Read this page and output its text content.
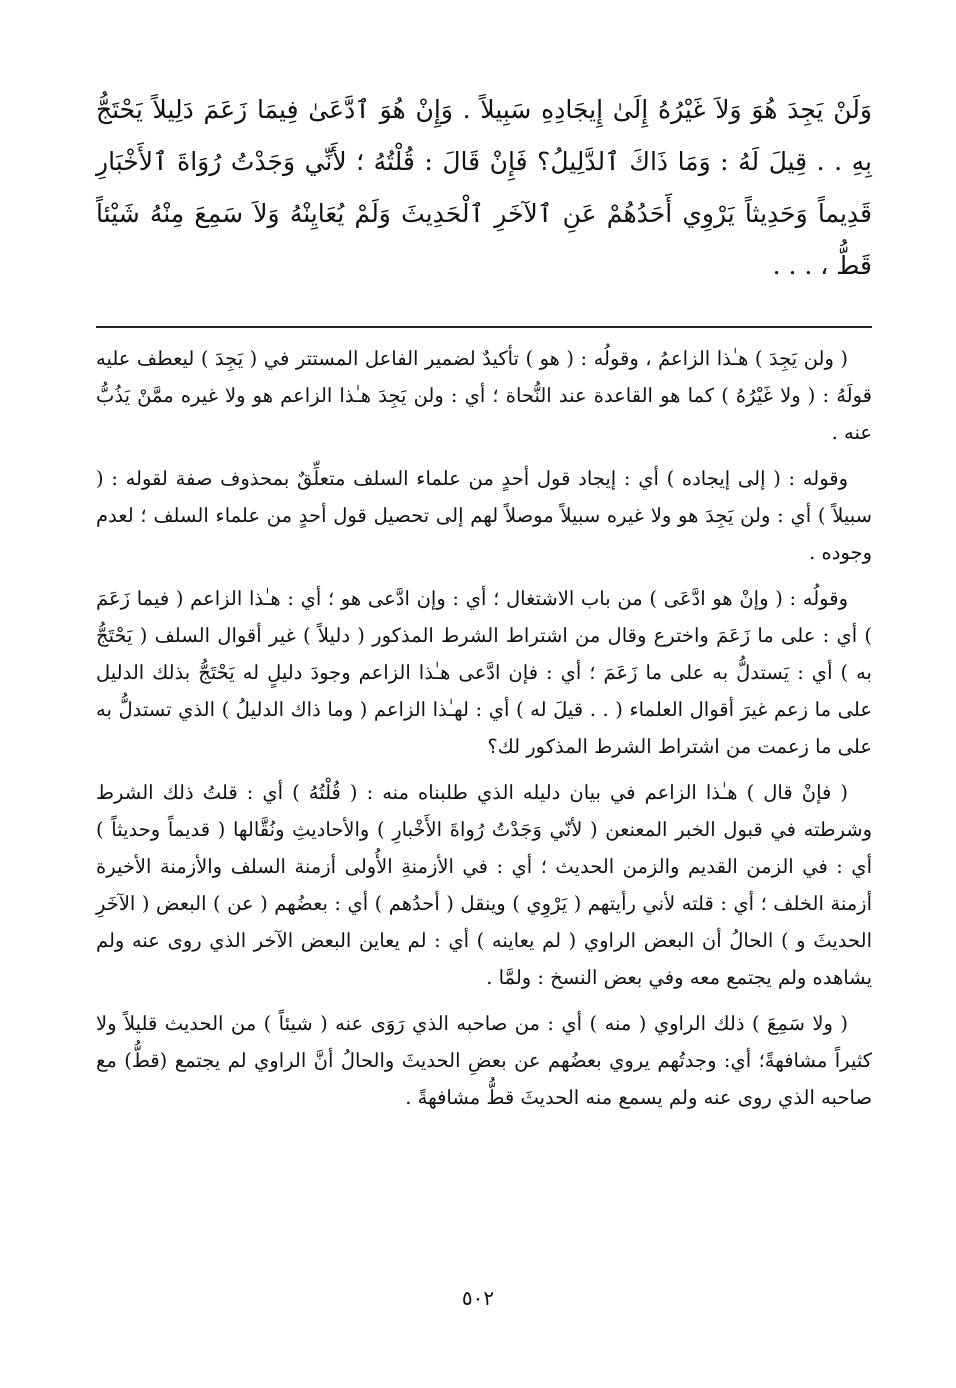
وَلَنْ يَجِدَ هُوَ وَلاَ غَيْرُهُ إِلَىٰ إِيجَادِهِ سَبِيلاً . وَإِنْ هُوَ ٱدَّعَىٰ فِيمَا زَعَمَ دَلِيلاً يَحْتَجُّ بِهِ . . قِيلَ لَهُ : وَمَا ذَاكَ ٱلدَّلِيلُ؟ فَإِنْ قَالَ : قُلْتُهُ ؛ لأَنِّي وَجَدْتُ رُوَاةَ ٱلأَخْبَارِ قَدِيماً وَحَدِيثاً يَرْوِي أَحَدُهُمْ عَنِ ٱلآخَرِ ٱلْحَدِيثَ وَلَمْ يُعَايِنْهُ وَلاَ سَمِعَ مِنْهُ شَيْئاً قَطُّ ، . . .

( ولن يَجِدَ ) هـٰذا الزاعمُ ، وقولُه : ( هو ) تأكيدٌ لضمير الفاعل المستتر في ( يَجِدَ ) ليعطف عليه قولَهُ : ( ولا غَيْرُهُ ) كما هو القاعدة عند النُّحاة ؛ أي : ولن يَجِدَ هـٰذا الزاعم هو ولا غيره ممَّنْ يَذُبُّ عنه .

وقوله : ( إلى إيجاده ) أي : إيجاد قول أحدٍ من علماء السلف متعلِّقٌ بمحذوف صفة لقوله : ( سبيلاً ) أي : ولن يَجِدَ هو ولا غيره سبيلاً موصلاً لهم إلى تحصيل قول أحدٍ من علماء السلف ؛ لعدم وجوده .

وقولُه : ( وإنْ هو ادَّعَى ) من باب الاشتغال ؛ أي : وإن ادَّعى هو ؛ أي : هـٰذا الزاعم ( فيما زَعَمَ ) أي : على ما زَعَمَ واخترع وقال من اشتراط الشرط المذكور ( دليلاً ) غير أقوال السلف ( يَحْتَجُّ به ) أي : يَستدلُّ به على ما زَعَمَ ؛ أي : فإن ادَّعى هـٰذا الزاعم وجودَ دليلٍ له يَحْتَجُّ بذلك الدليل على ما زعم غيرَ أقوال العلماء ( . . قيلَ له ) أي : لهـٰذا الزاعم ( وما ذاك الدليلُ ) الذي تستدلُّ به على ما زعمت من اشتراط الشرط المذكور لك؟

( فإنْ قال ) هـٰذا الزاعم في بيان دليله الذي طلبناه منه : ( قُلْتُهُ ) أي : قلتُ ذلك الشرط وشرطته في قبول الخبر المعنعن ( لأنّي وَجَدْتُ رُواةَ الأَخْبارِ ) والأحاديثِ ونُقَّالها ( قديماً وحديثاً ) أي : في الزمن القديم والزمن الحديث ؛ أي : في الأزمنةِ الأُولى أزمنة السلف والأزمنة الأخيرة أزمنة الخلف ؛ أي : قلته لأني رأيتهم ( يَرْوِي ) وينقل ( أحدُهم ) أي : بعضُهم ( عن ) البعض ( الآخَرِ الحديثَ و ) الحالُ أن البعض الراوي ( لم يعاينه ) أي : لم يعاين البعض الآخر الذي روى عنه ولم يشاهده ولم يجتمع معه وفي بعض النسخ : ولمَّا .

( ولا سَمِعَ ) ذلك الراوي ( منه ) أي : من صاحبه الذي رَوَى عنه ( شيئاً ) من الحديث قليلاً ولا كثيراً مشافهةً؛ أي: وجدتُهم يروي بعضُهم عن بعضِ الحديثَ والحالُ أنَّ الراوي لم يجتمع (قطُّ) مع صاحبه الذي روى عنه ولم يسمع منه الحديثَ قطُّ مشافهةً .

٥٠٢
